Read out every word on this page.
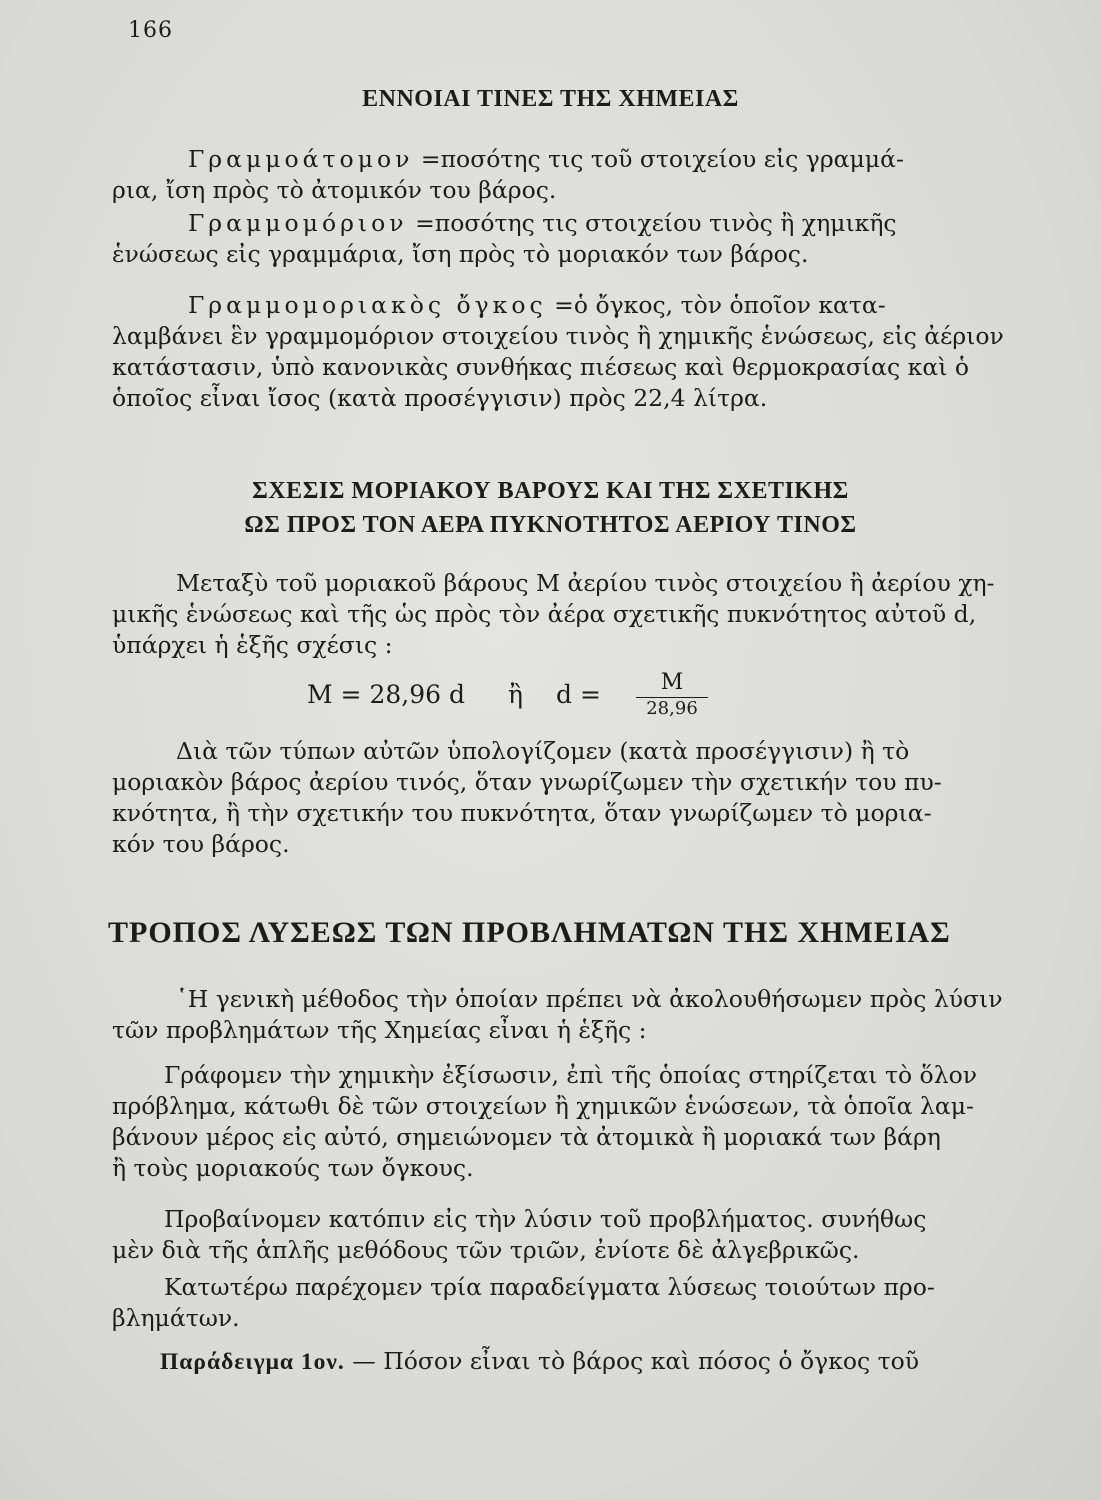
166
ΕΝΝΟΙΑΙ ΤΙΝΕΣ ΤΗΣ ΧΗΜΕΙΑΣ
Γραμμοάτομον =ποσότης τις τοῦ στοιχείου εἰς γραμμά-
ρια, ἴση πρὸς τὸ ἀτομικόν του βάρος.
Γραμμομόριον =ποσότης τις στοιχείου τινὸς ἢ χημικῆς
ἑνώσεως εἰς γραμμάρια, ἴση πρὸς τὸ μοριακόν των βάρος.
Γραμμομοριακὸς ὄγκος =ὁ ὄγκος, τὸν ὁποῖον κατα-
λαμβάνει ἓν γραμμομόριον στοιχείου τινὸς ἢ χημικῆς ἑνώσεως, εἰς ἀέριον
κατάστασιν, ὑπὸ κανονικὰς συνθήκας πιέσεως καὶ θερμοκρασίας καὶ ὁ
ὁποῖος εἶναι ἴσος (κατὰ προσέγγισιν) πρὸς 22,4 λίτρα.
ΣΧΕΣΙΣ ΜΟΡΙΑΚΟΥ ΒΑΡΟΥΣ ΚΑΙ ΤΗΣ ΣΧΕΤΙΚΗΣ
ΩΣ ΠΡΟΣ ΤΟΝ ΑΕΡΑ ΠΥΚΝΟΤΗΤΟΣ ΑΕΡΙΟΥ ΤΙΝΟΣ
Μεταξὺ τοῦ μοριακοῦ βάρους Μ ἀερίου τινὸς στοιχείου ἢ ἀερίου χη-
μικῆς ἑνώσεως καὶ τῆς ὡς πρὸς τὸν ἀέρα σχετικῆς πυκνότητος αὐτοῦ d,
ὑπάρχει ἡ ἑξῆς σχέσις :
M = 28,96 d ἢ d =	M
28,96
Διὰ τῶν τύπων αὐτῶν ὑπολογίζομεν (κατὰ προσέγγισιν) ἢ τὸ
μοριακὸν βάρος ἀερίου τινός, ὅταν γνωρίζωμεν τὴν σχετικήν του πυ-
κνότητα, ἢ τὴν σχετικήν του πυκνότητα, ὅταν γνωρίζωμεν τὸ μορια-
κόν του βάρος.
ΤΡΟΠΟΣ ΛΥΣΕΩΣ ΤΩΝ ΠΡΟΒΛΗΜΑΤΩΝ ΤΗΣ ΧΗΜΕΙΑΣ
῾Η γενικὴ μέθοδος τὴν ὁποίαν πρέπει νὰ ἀκολουθήσωμεν πρὸς λύσιν
τῶν προβλημάτων τῆς Χημείας εἶναι ἡ ἑξῆς :
Γράφομεν τὴν χημικὴν ἐξίσωσιν, ἐπὶ τῆς ὁποίας στηρίζεται τὸ ὅλον
πρόβλημα, κάτωθι δὲ τῶν στοιχείων ἢ χημικῶν ἑνώσεων, τὰ ὁποῖα λαμ-
βάνουν μέρος εἰς αὐτό, σημειώνομεν τὰ ἀτομικὰ ἢ μοριακά των βάρη
ἢ τοὺς μοριακούς των ὄγκους.
Προβαίνομεν κατόπιν εἰς τὴν λύσιν τοῦ προβλήματος. συνήθως
μὲν διὰ τῆς ἁπλῆς μεθόδους τῶν τριῶν, ἐνίοτε δὲ ἀλγεβρικῶς.
Κατωτέρω παρέχομεν τρία παραδείγματα λύσεως τοιούτων προ-
βλημάτων.
Παράδειγμα 1ον. — Πόσον εἶναι τὸ βάρος καὶ πόσος ὁ ὄγκος τοῦ
